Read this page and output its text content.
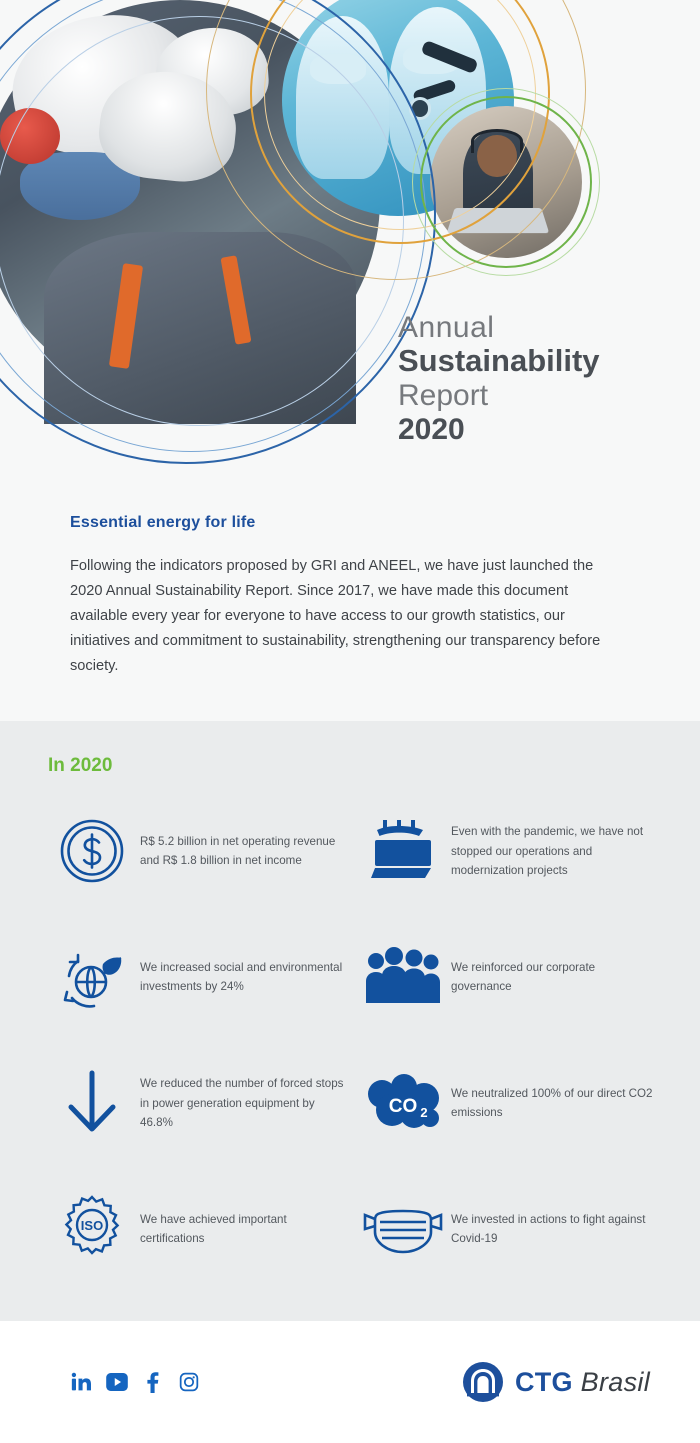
Annual
Sustainability
Report
2020
Essential energy for life

Following the indicators proposed by GRI and ANEEL, we have just launched the 2020 Annual Sustainability Report. Since 2017, we have made this document available every year for everyone to have access to our growth statistics, our initiatives and commitment to sustainability, strengthening our transparency before society.

In 2020
R$ 5.2 billion in net operating revenue and R$ 1.8 billion in net income
Even with the pandemic, we have not stopped our operations and modernization projects
We increased social and environmental investments by 24%
We reinforced our corporate governance
We reduced the number of forced stops in power generation equipment by 46.8%
CO 2
We neutralized 100% of our direct CO2 emissions
ISO	We have achieved important certifications
We invested in actions to fight against Covid-19
CTG Brasil
